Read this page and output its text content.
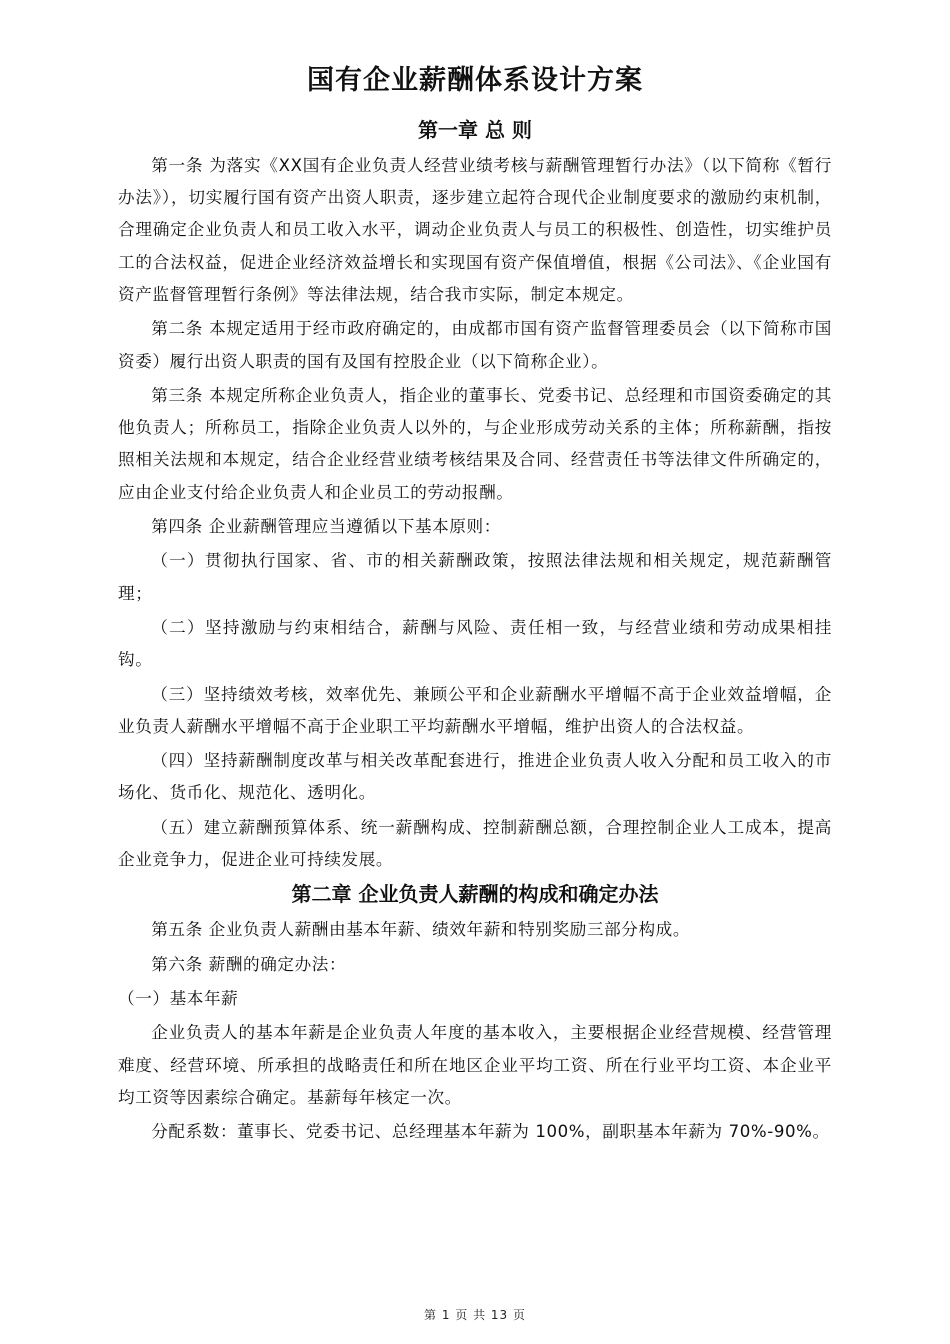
国有企业薪酬体系设计方案
第一章 总 则

第一条 为落实《XX国有企业负责人经营业绩考核与薪酬管理暂行办法》（以下简称《暂行办法》），切实履行国有资产出资人职责，逐步建立起符合现代企业制度要求的激励约束机制，合理确定企业负责人和员工收入水平，调动企业负责人与员工的积极性、创造性，切实维护员工的合法权益，促进企业经济效益增长和实现国有资产保值增值，根据《公司法》、《企业国有资产监督管理暂行条例》等法律法规，结合我市实际，制定本规定。

第二条 本规定适用于经市政府确定的，由成都市国有资产监督管理委员会（以下简称市国资委）履行出资人职责的国有及国有控股企业（以下简称企业）。

第三条 本规定所称企业负责人，指企业的董事长、党委书记、总经理和市国资委确定的其他负责人；所称员工，指除企业负责人以外的，与企业形成劳动关系的主体；所称薪酬，指按照相关法规和本规定，结合企业经营业绩考核结果及合同、经营责任书等法律文件所确定的，应由企业支付给企业负责人和企业员工的劳动报酬。

第四条 企业薪酬管理应当遵循以下基本原则：

（一）贯彻执行国家、省、市的相关薪酬政策，按照法律法规和相关规定，规范薪酬管理；

（二）坚持激励与约束相结合，薪酬与风险、责任相一致，与经营业绩和劳动成果相挂钩。

（三）坚持绩效考核，效率优先、兼顾公平和企业薪酬水平增幅不高于企业效益增幅，企业负责人薪酬水平增幅不高于企业职工平均薪酬水平增幅，维护出资人的合法权益。

（四）坚持薪酬制度改革与相关改革配套进行，推进企业负责人收入分配和员工收入的市场化、货币化、规范化、透明化。

（五）建立薪酬预算体系、统一薪酬构成、控制薪酬总额，合理控制企业人工成本，提高企业竞争力，促进企业可持续发展。

第二章 企业负责人薪酬的构成和确定办法

第五条 企业负责人薪酬由基本年薪、绩效年薪和特别奖励三部分构成。

第六条 薪酬的确定办法：

（一）基本年薪

企业负责人的基本年薪是企业负责人年度的基本收入，主要根据企业经营规模、经营管理难度、经营环境、所承担的战略责任和所在地区企业平均工资、所在行业平均工资、本企业平均工资等因素综合确定。基薪每年核定一次。

分配系数：董事长、党委书记、总经理基本年薪为 100%，副职基本年薪为 70%-90%。

第 1 页 共 13 页
